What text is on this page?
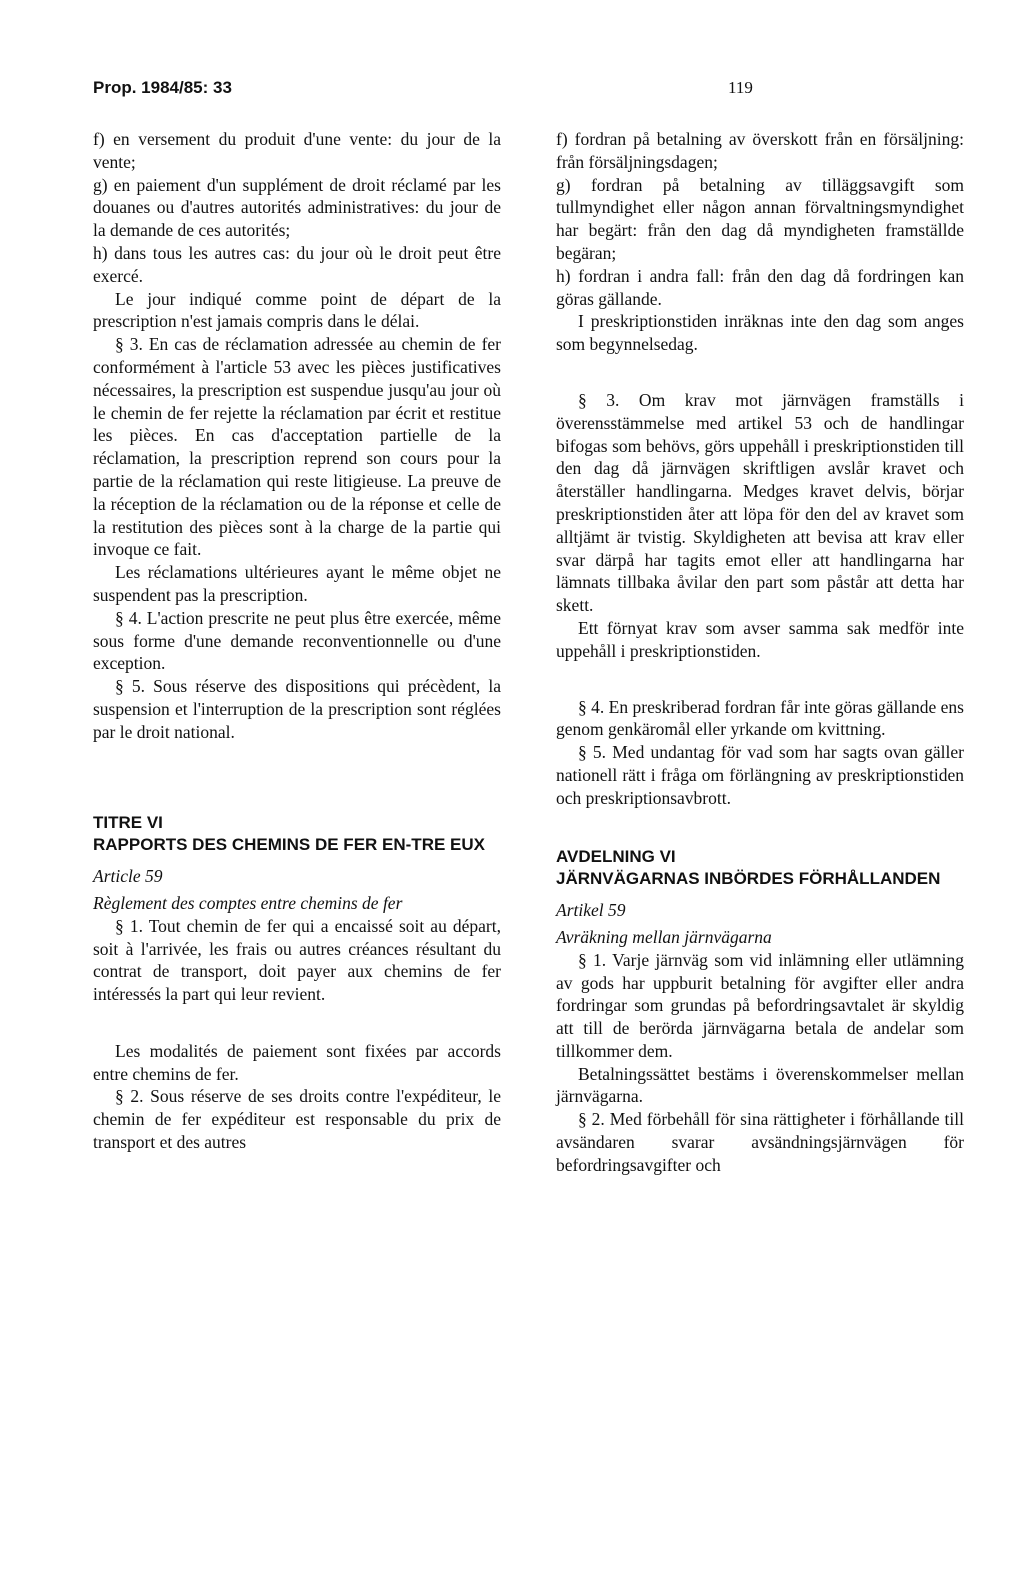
Prop. 1984/85: 33	119

f) en versement du produit d'une vente: du jour de la vente;

g) en paiement d'un supplément de droit réclamé par les douanes ou d'autres autorités administratives: du jour de la demande de ces autorités;

h) dans tous les autres cas: du jour où le droit peut être exercé.

Le jour indiqué comme point de départ de la prescription n'est jamais compris dans le délai.

§ 3. En cas de réclamation adressée au chemin de fer conformément à l'article 53 avec les pièces justificatives nécessaires, la prescription est suspendue jusqu'au jour où le chemin de fer rejette la réclamation par écrit et restitue les pièces. En cas d'acceptation partielle de la réclamation, la prescription reprend son cours pour la partie de la réclamation qui reste litigieuse. La preuve de la réception de la réclamation ou de la réponse et celle de la restitution des pièces sont à la charge de la partie qui invoque ce fait.

Les réclamations ultérieures ayant le même objet ne suspendent pas la prescription.

§ 4. L'action prescrite ne peut plus être exercée, même sous forme d'une demande reconventionnelle ou d'une exception.

§ 5. Sous réserve des dispositions qui précèdent, la suspension et l'interruption de la prescription sont réglées par le droit national.

TITRE VI

RAPPORTS DES CHEMINS DE FER EN-TRE EUX

Article 59

Règlement des comptes entre chemins de fer

§ 1. Tout chemin de fer qui a encaissé soit au départ, soit à l'arrivée, les frais ou autres créances résultant du contrat de transport, doit payer aux chemins de fer intéressés la part qui leur revient.

Les modalités de paiement sont fixées par accords entre chemins de fer.

§ 2. Sous réserve de ses droits contre l'expéditeur, le chemin de fer expéditeur est responsable du prix de transport et des autres

f) fordran på betalning av överskott från en försäljning: från försäljningsdagen;

g) fordran på betalning av tilläggsavgift som tullmyndighet eller någon annan förvaltningsmyndighet har begärt: från den dag då myndigheten framställde begäran;

h) fordran i andra fall: från den dag då fordringen kan göras gällande.

I preskriptionstiden inräknas inte den dag som anges som begynnelsedag.

§ 3. Om krav mot järnvägen framställs i överensstämmelse med artikel 53 och de handlingar bifogas som behövs, görs uppehåll i preskriptionstiden till den dag då järnvägen skriftligen avslår kravet och återställer handlingarna. Medges kravet delvis, börjar preskriptionstiden åter att löpa för den del av kravet som alltjämt är tvistig. Skyldigheten att bevisa att krav eller svar därpå har tagits emot eller att handlingarna har lämnats tillbaka åvilar den part som påstår att detta har skett.

Ett förnyat krav som avser samma sak medför inte uppehåll i preskriptionstiden.

§ 4. En preskriberad fordran får inte göras gällande ens genom genkäromål eller yrkande om kvittning.

§ 5. Med undantag för vad som har sagts ovan gäller nationell rätt i fråga om förlängning av preskriptionstiden och preskriptionsavbrott.

AVDELNING VI

JÄRNVÄGARNAS INBÖRDES FÖRHÅLLANDEN

Artikel 59

Avräkning mellan järnvägarna

§ 1. Varje järnväg som vid inlämning eller utlämning av gods har uppburit betalning för avgifter eller andra fordringar som grundas på befordringsavtalet är skyldig att till de berörda järnvägarna betala de andelar som tillkommer dem.

Betalningssättet bestäms i överenskommelser mellan järnvägarna.

§ 2. Med förbehåll för sina rättigheter i förhållande till avsändaren svarar avsändningsjärnvägen för befordringsavgifter och
